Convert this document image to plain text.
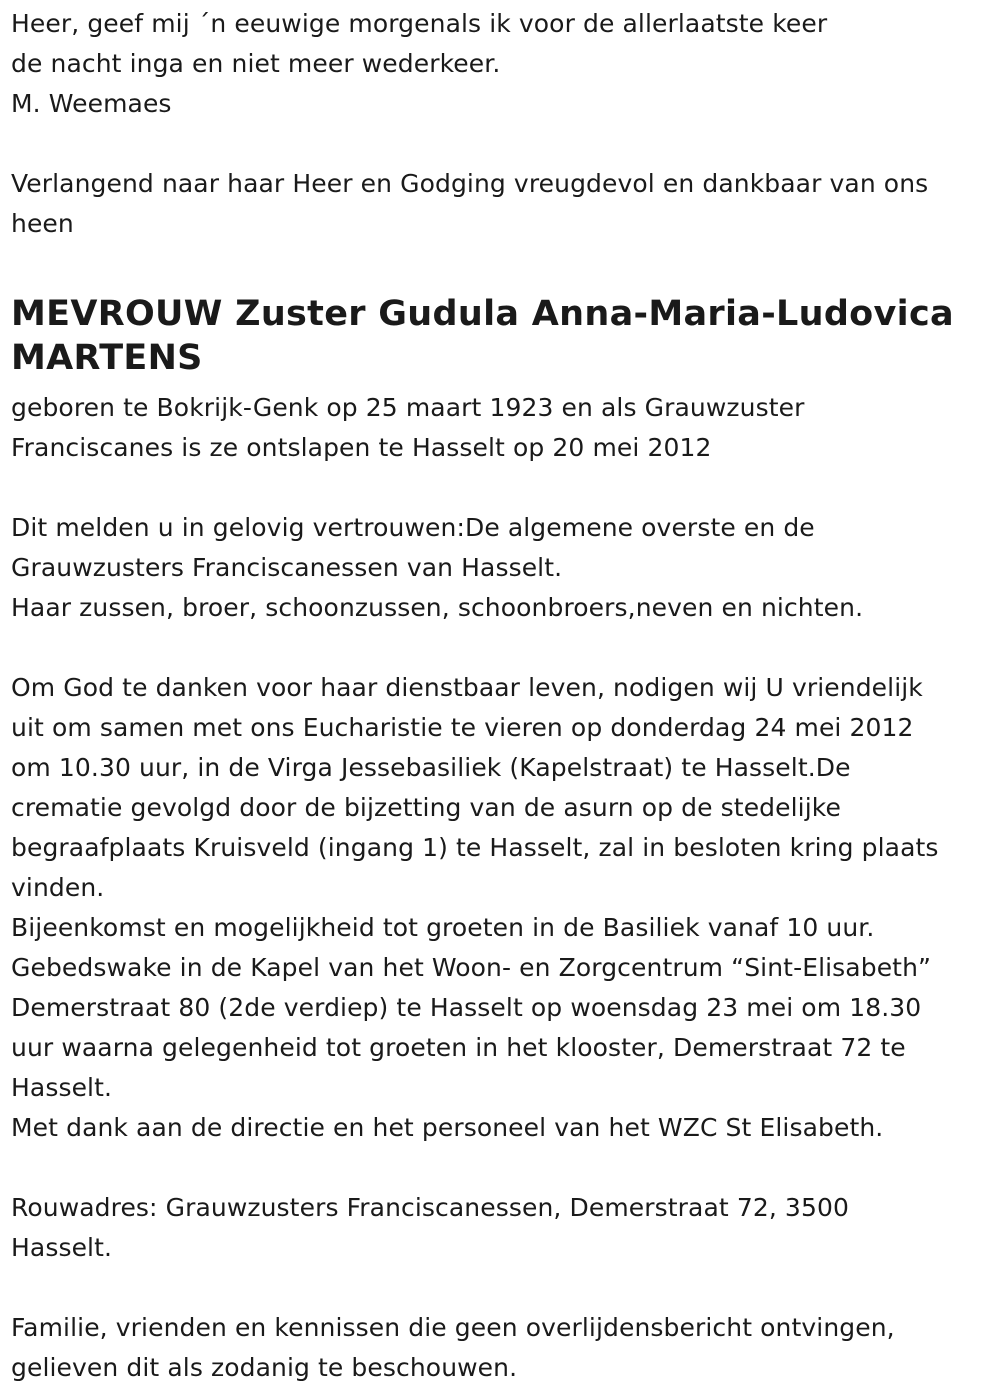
Heer, geef mij ´n eeuwige morgenals ik voor de allerlaatste keer
de nacht inga en niet meer wederkeer.
M. Weemaes
Verlangend naar haar Heer en Godging vreugdevol en dankbaar van ons
heen
MEVROUW Zuster Gudula Anna-Maria-Ludovica
MARTENS
geboren te Bokrijk-Genk op 25 maart 1923 en als Grauwzuster
Franciscanes is ze ontslapen te Hasselt op 20 mei 2012
Dit melden u in gelovig vertrouwen:De algemene overste en de
Grauwzusters Franciscanessen van Hasselt.
Haar zussen, broer, schoonzussen, schoonbroers,neven en nichten.
Om God te danken voor haar dienstbaar leven, nodigen wij U vriendelijk
uit om samen met ons Eucharistie te vieren op donderdag 24 mei 2012
om 10.30 uur, in de Virga Jessebasiliek (Kapelstraat) te Hasselt.De
crematie gevolgd door de bijzetting van de asurn op de stedelijke
begraafplaats Kruisveld (ingang 1) te Hasselt, zal in besloten kring plaats
vinden.
Bijeenkomst en mogelijkheid tot groeten in de Basiliek vanaf 10 uur.
Gebedswake in de Kapel van het Woon- en Zorgcentrum “Sint-Elisabeth”
Demerstraat 80 (2de verdiep) te Hasselt op woensdag 23 mei om 18.30
uur waarna gelegenheid tot groeten in het klooster, Demerstraat 72 te
Hasselt.
Met dank aan de directie en het personeel van het WZC St Elisabeth.
Rouwadres: Grauwzusters Franciscanessen, Demerstraat 72, 3500
Hasselt.
Familie, vrienden en kennissen die geen overlijdensbericht ontvingen,
gelieven dit als zodanig te beschouwen.
